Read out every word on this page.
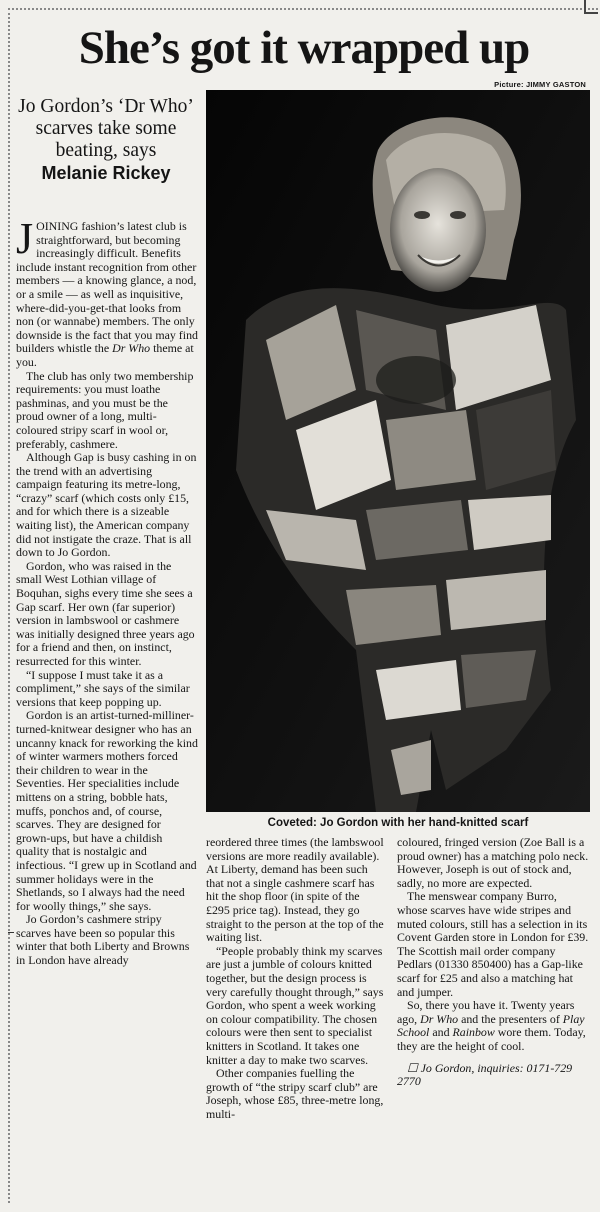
She’s got it wrapped up
Picture: JIMMY GASTON
Jo Gordon’s ‘Dr Who’ scarves take some beating, says
Melanie Rickey
Coveted: Jo Gordon with her hand-knitted scarf

JOINING fashion’s latest club is straightforward, but becoming increasingly difficult. Benefits include instant recognition from other members — a knowing glance, a nod, or a smile — as well as inquisitive, where-did-you-get-that looks from non (or wannabe) members. The only downside is the fact that you may find builders whistle the Dr Who theme at you.

The club has only two membership requirements: you must loathe pashminas, and you must be the proud owner of a long, multi-coloured stripy scarf in wool or, preferably, cashmere.

Although Gap is busy cashing in on the trend with an advertising campaign featuring its metre-long, “crazy” scarf (which costs only £15, and for which there is a sizeable waiting list), the American company did not instigate the craze. That is all down to Jo Gordon.

Gordon, who was raised in the small West Lothian village of Boquhan, sighs every time she sees a Gap scarf. Her own (far superior) version in lambswool or cashmere was initially designed three years ago for a friend and then, on instinct, resurrected for this winter.

“I suppose I must take it as a compliment,” she says of the similar versions that keep popping up.

Gordon is an artist-turned-milliner-turned-knitwear designer who has an uncanny knack for reworking the kind of winter warmers mothers forced their children to wear in the Seventies. Her specialities include mittens on a string, bobble hats, muffs, ponchos and, of course, scarves. They are designed for grown-ups, but have a childish quality that is nostalgic and infectious. “I grew up in Scotland and summer holidays were in the Shetlands, so I always had the need for woolly things,” she says.

Jo Gordon’s cashmere stripy scarves have been so popular this winter that both Liberty and Browns in London have already

reordered three times (the lambswool versions are more readily available). At Liberty, demand has been such that not a single cashmere scarf has hit the shop floor (in spite of the £295 price tag). Instead, they go straight to the person at the top of the waiting list.

“People probably think my scarves are just a jumble of colours knitted together, but the design process is very carefully thought through,” says Gordon, who spent a week working on colour compatibility. The chosen colours were then sent to specialist knitters in Scotland. It takes one knitter a day to make two scarves.

Other companies fuelling the growth of “the stripy scarf club” are Joseph, whose £85, three-metre long, multi-

coloured, fringed version (Zoe Ball is a proud owner) has a matching polo neck. However, Joseph is out of stock and, sadly, no more are expected.

The menswear company Burro, whose scarves have wide stripes and muted colours, still has a selection in its Covent Garden store in London for £39. The Scottish mail order company Pedlars (01330 850400) has a Gap-like scarf for £25 and also a matching hat and jumper.

So, there you have it. Twenty years ago, Dr Who and the presenters of Play School and Rainbow wore them. Today, they are the height of cool.

☐ Jo Gordon, inquiries: 0171-729 2770
